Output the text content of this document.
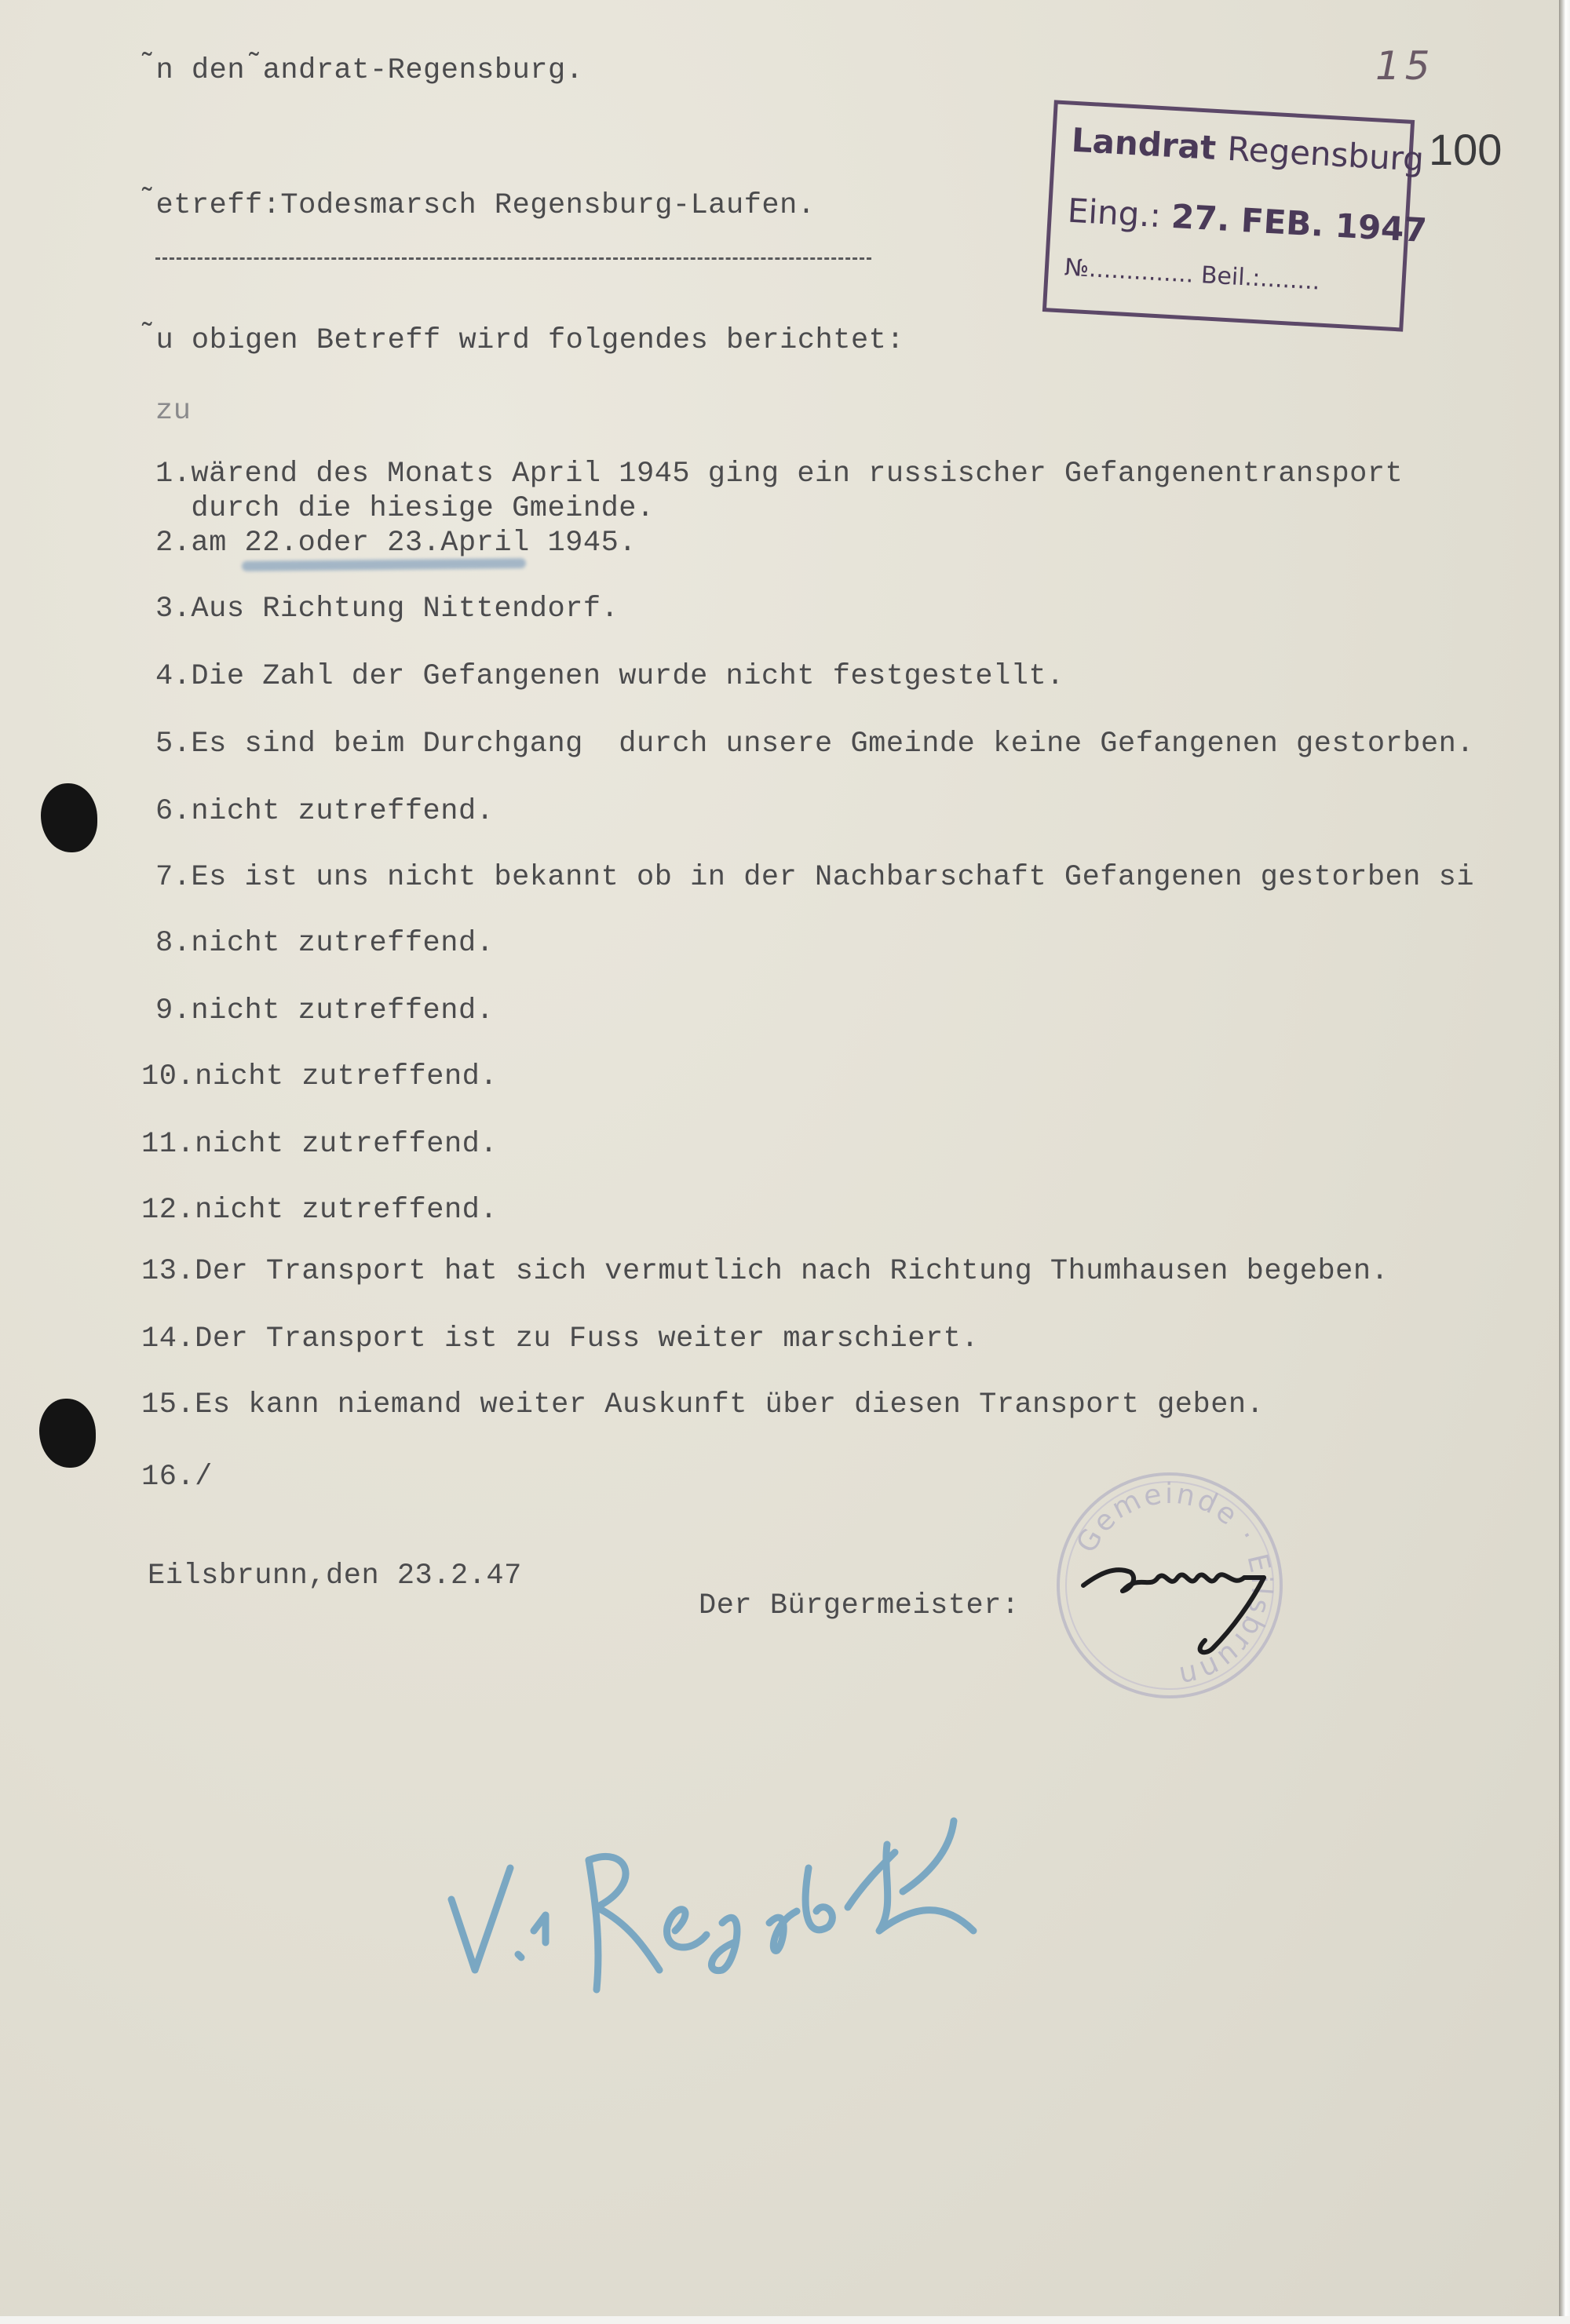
̃n den ̃andrat-Regensburg.	15
100
Landrat Regensburg
Eing.: 27. FEB. 1947
№.............. Beil.:........
̃etreff:Todesmarsch Regensburg-Laufen.
̃u obigen Betreff wird folgendes berichtet:
zu
1.wärend des Monats April 1945 ging ein russischer Gefangenentransport
durch die hiesige Gmeinde.
2.am 22.oder 23.April 1945.
3.Aus Richtung Nittendorf.
4.Die Zahl der Gefangenen wurde nicht festgestellt.
5.Es sind beim Durchgang  durch unsere Gmeinde keine Gefangenen gestorben.
6.nicht zutreffend.
7.Es ist uns nicht bekannt ob in der Nachbarschaft Gefangenen gestorben si
8.nicht zutreffend.
9.nicht zutreffend.
10.nicht zutreffend.
11.nicht zutreffend.
12.nicht zutreffend.
13.Der Transport hat sich vermutlich nach Richtung Thumhausen begeben.
14.Der Transport ist zu Fuss weiter marschiert.
15.Es kann niemand weiter Auskunft über diesen Transport geben.
16./
Eilsbrunn,den 23.2.47
Der Bürgermeister:
Gemeinde · Eilsbrunn
